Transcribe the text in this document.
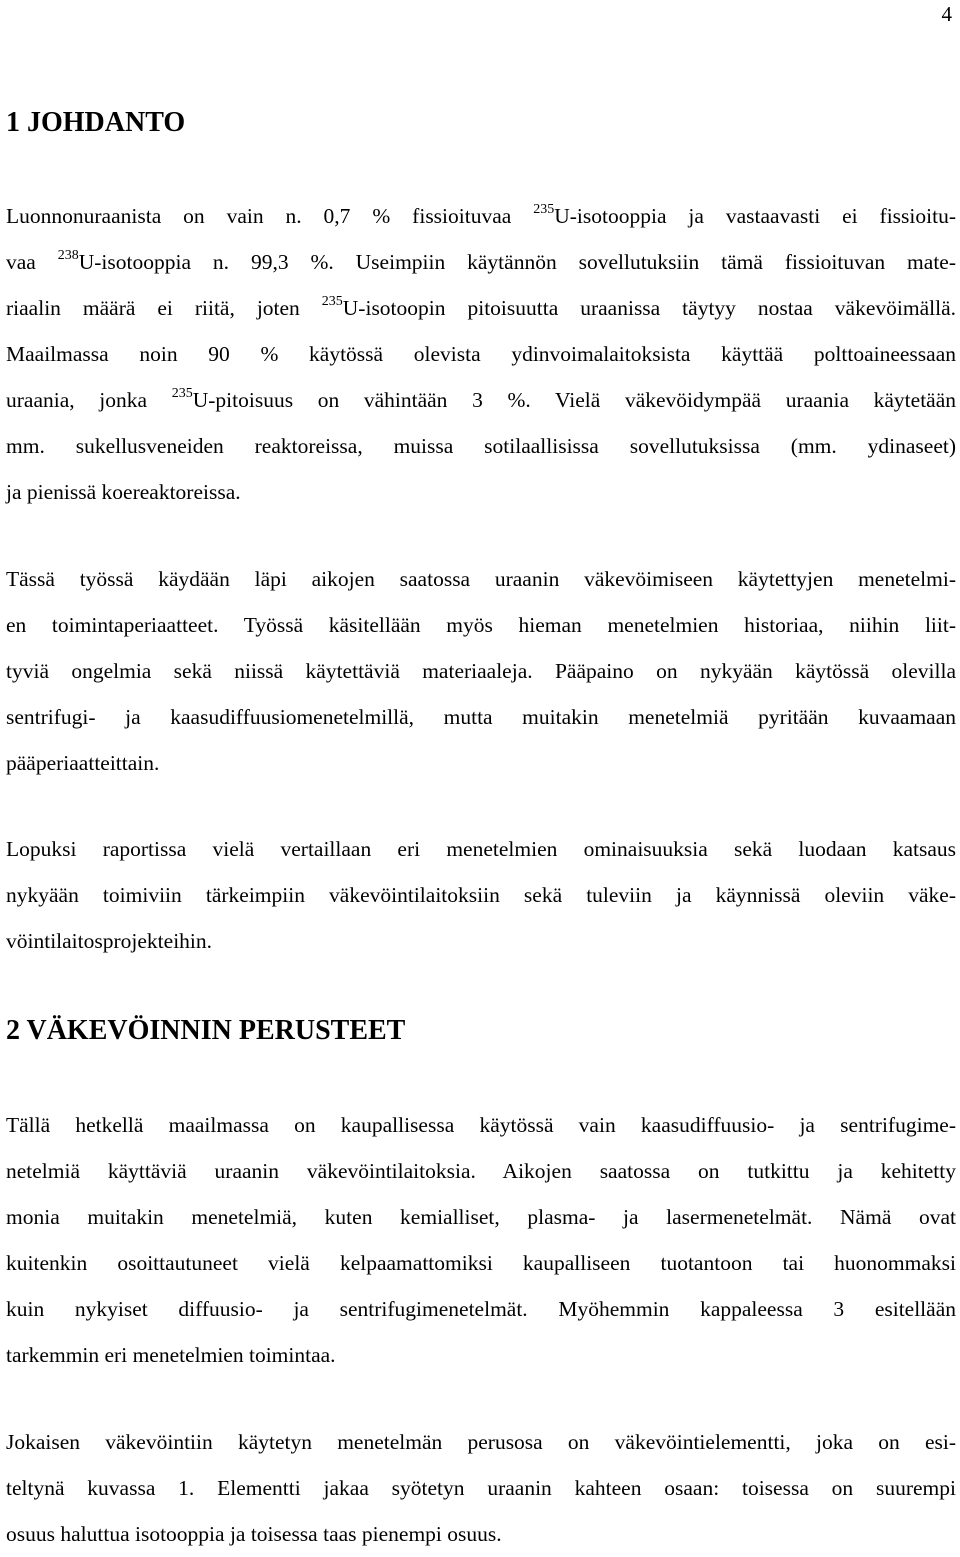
4
1 JOHDANTO
Luonnonuraanista on vain n. 0,7 % fissioituvaa $^{235}$U-isotooppia ja vastaavasti ei fissioitu-
vaa $^{238}$U-isotooppia n. 99,3 %. Useimpiin käytännön sovellutuksiin tämä fissioituvan mate-
riaalin määrä ei riitä, joten $^{235}$U-isotoopin pitoisuutta uraanissa täytyy nostaa väkevöimällä.
Maailmassa noin 90 % käytössä olevista ydinvoimalaitoksista käyttää polttoaineessaan
uraania, jonka $^{235}$U-pitoisuus on vähintään 3 %. Vielä väkevöidympää uraania käytetään
mm. sukellusveneiden reaktoreissa, muissa sotilaallisissa sovellutuksissa (mm. ydinaseet)
ja pienissä koereaktoreissa.
Tässä työssä käydään läpi aikojen saatossa uraanin väkevöimiseen käytettyjen menetelmi-
en toimintaperiaatteet. Työssä käsitellään myös hieman menetelmien historiaa, niihin liit-
tyviä ongelmia sekä niissä käytettäviä materiaaleja. Pääpaino on nykyään käytössä olevilla
sentrifugi- ja kaasudiffuusiomenetelmillä, mutta muitakin menetelmiä pyritään kuvaamaan
pääperiaatteittain.
Lopuksi raportissa vielä vertaillaan eri menetelmien ominaisuuksia sekä luodaan katsaus
nykyään toimiviin tärkeimpiin väkevöintilaitoksiin sekä tuleviin ja käynnissä oleviin väke-
vöintilaitosprojekteihin.
2 VÄKEVÖINNIN PERUSTEET
Tällä hetkellä maailmassa on kaupallisessa käytössä vain kaasudiffuusio- ja sentrifugime-
netelmiä käyttäviä uraanin väkevöintilaitoksia. Aikojen saatossa on tutkittu ja kehitetty
monia muitakin menetelmiä, kuten kemialliset, plasma- ja lasermenetelmät. Nämä ovat
kuitenkin osoittautuneet vielä kelpaamattomiksi kaupalliseen tuotantoon tai huonommaksi
kuin nykyiset diffuusio- ja sentrifugimenetelmät. Myöhemmin kappaleessa 3 esitellään
tarkemmin eri menetelmien toimintaa.
Jokaisen väkevöintiin käytetyn menetelmän perusosa on väkevöintielementti, joka on esi-
teltynä kuvassa 1. Elementti jakaa syötetyn uraanin kahteen osaan: toisessa on suurempi
osuus haluttua isotooppia ja toisessa taas pienempi osuus.
